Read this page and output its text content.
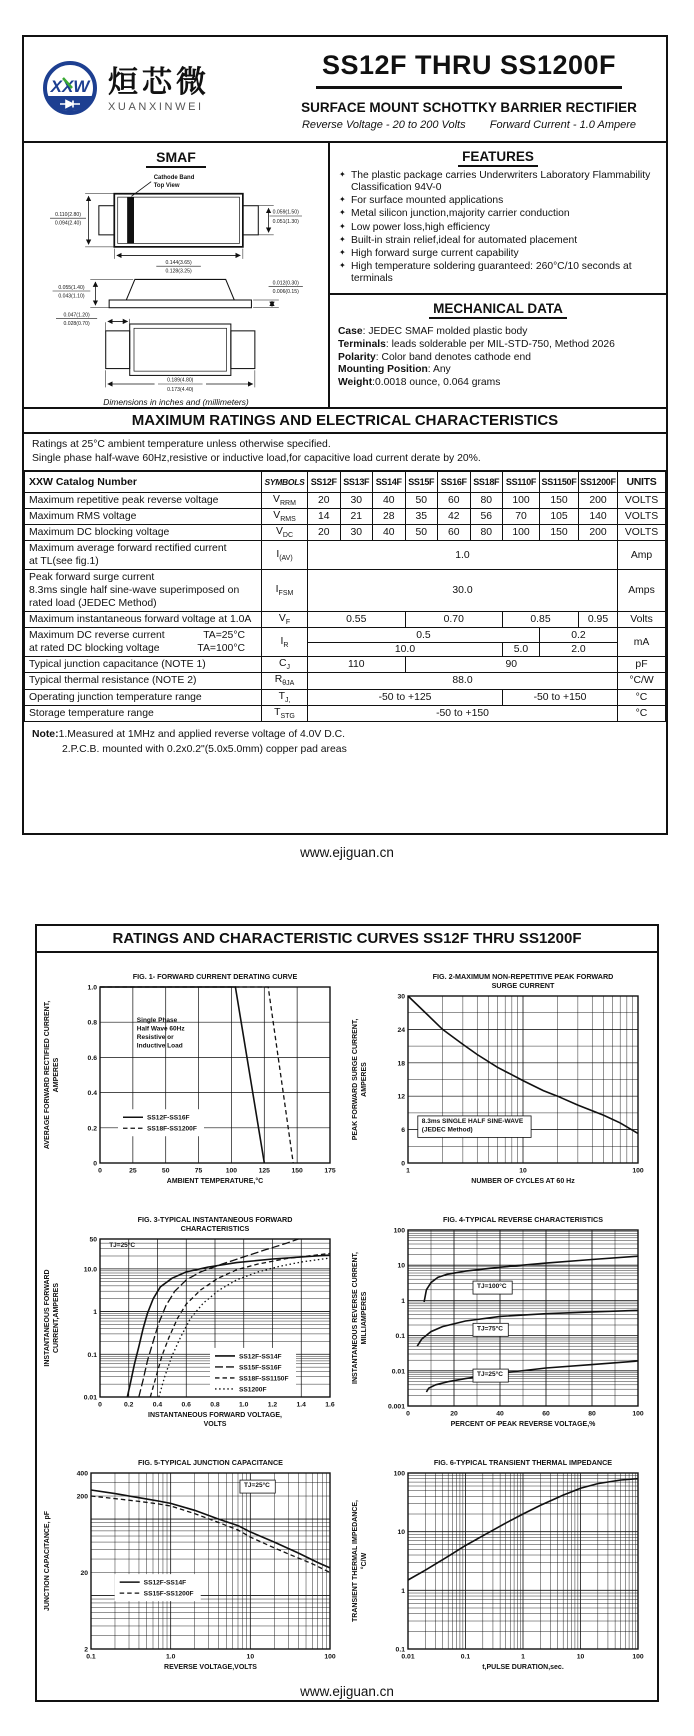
XXW 烜芯微
XUANXINWEI
SS12F THRU SS1200F
SURFACE MOUNT SCHOTTKY BARRIER RECTIFIER
Reverse Voltage - 20 to 200 Volts Forward Current - 1.0 Ampere
SMAF
Cathode Band
Top View
0.110(2.80)
0.094(2.40)
0.059(1.50)
0.051(1.30)
0.144(3.65)
0.128(3.25)
0.055(1.40)
0.043(1.10)
0.012(0.30)
0.006(0.15)
0.047(1.20)
0.028(0.70)
0.189(4.80)
0.173(4.40)
Dimensions in inches and (millimeters)
FEATURES
✦ The plastic package carries Underwriters Laboratory Flammability Classification 94V-0
✦ For surface mounted applications
✦ Metal silicon junction,majority carrier conduction
✦ Low power loss,high efficiency
✦ Built-in strain relief,ideal for automated placement
✦ High forward surge current capability
✦ High temperature soldering guaranteed: 260°C/10 seconds at terminals
MECHANICAL DATA

Case: JEDEC SMAF molded plastic body

Terminals: leads solderable per MIL-STD-750, Method 2026

Polarity: Color band denotes cathode end

Mounting Position: Any

Weight:0.0018 ounce, 0.064 grams

MAXIMUM RATINGS AND ELECTRICAL CHARACTERISTICS

Ratings at 25°C ambient temperature unless otherwise specified.

Single phase half-wave 60Hz,resistive or inductive load,for capacitive load current derate by 20%.

XXW Catalog Number	SYMBOLS	SS12F	SS13F	SS14F	SS15F	SS16F	SS18F	SS110F	SS1150F	SS1200F	UNITS

Maximum repetitive peak reverse voltage	$V_{RRM}$	20	30	40	50	60	80	100	150	200	VOLTS

Maximum RMS voltage	$V_{RMS}$	14	21	28	35	42	56	70	105	140	VOLTS

Maximum DC blocking voltage	$V_{DC}$	20	30	40	50	60	80	100	150	200	VOLTS

Maximum average forward rectified current
at TL(see fig.1)	$I_{(AV)}$	1.0									Amp

Peak forward surge current
8.3ms single half sine-wave superimposed on
rated load (JEDEC Method)	$I_{FSM}$	30.0									Amps

Maximum instantaneous forward voltage at 1.0A	$V_F$	0.55			0.70			0.85		0.95	Volts

Maximum DC reverse current TA=25°C
at rated DC blocking voltage TA=100°C	$I_R$	0.5							0.2		mA
		10.0						5.0	2.0		

Typical junction capacitance (NOTE 1)	$C_J$	110			90						pF

Typical thermal resistance (NOTE 2)	$R_{\theta JA}$	88.0									°C/W

Operating junction temperature range	$T_{J,}$	-50 to +125						-50 to +150			°C

Storage temperature range	$T_{STG}$	-50 to +150									°C

Note:1.Measured at 1MHz and applied reverse voltage of 4.0V D.C.

2.P.C.B. mounted with 0.2x0.2"(5.0x5.0mm) copper pad areas

www.ejiguan.cn
RATINGS AND CHARACTERISTIC CURVES SS12F THRU SS1200F
Single Phase
Half Wave 60Hz
Resistive or
Inductive Load
SS12F-SS16F
SS18F-SS1200F
FIG. 1- FORWARD CURRENT DERATING CURVE
AVERAGE FORWARD RECTIFIED CURRENT, AMPERES
AMBIENT TEMPERATURE,°C
0
0.2
0.4
0.6
0.8
1.0
0	25	50	75	100	125	150	175
8.3ms SINGLE HALF SINE-WAVE
(JEDEC Method)
FIG. 2-MAXIMUM NON-REPETITIVE PEAK FORWARD
SURGE CURRENT
PEAK FORWARD SURGE CURRENT, AMPERES
NUMBER OF CYCLES AT 60 Hz
0
6
12
18
24
30
1	10	100
TJ=25°C
SS12F-SS14F
SS15F-SS16F
SS18F-SS1150F
SS1200F
FIG. 3-TYPICAL INSTANTANEOUS FORWARD
CHARACTERISTICS
INSTANTANEOUS FORWARD CURRENT,AMPERES
INSTANTANEOUS FORWARD VOLTAGE,
VOLTS
0.01
0.1
1
10.0
50
0	0.2	0.4	0.6	0.8	1.0	1.2	1.4	1.6
TJ=100°C
TJ=75°C
TJ=25°C
FIG. 4-TYPICAL REVERSE CHARACTERISTICS
INSTANTANEOUS REVERSE CURRENT, MILLIAMPERES
PERCENT OF PEAK REVERSE VOLTAGE,%
0.001
0.01
0.1
1
10
100
0	20	40	60	80	100
TJ=25°C
SS12F-SS14F
SS15F-SS1200F
FIG. 5-TYPICAL JUNCTION CAPACITANCE
JUNCTION CAPACITANCE, pF
REVERSE VOLTAGE,VOLTS
2
20
200
400
0.1	1.0	10	100
FIG. 6-TYPICAL TRANSIENT THERMAL IMPEDANCE
TRANSIENT THERMAL IMPEDANCE, °C/W
t,PULSE DURATION,sec.
0.1
1
10
100
0.01	0.1	1	10	100
www.ejiguan.cn
